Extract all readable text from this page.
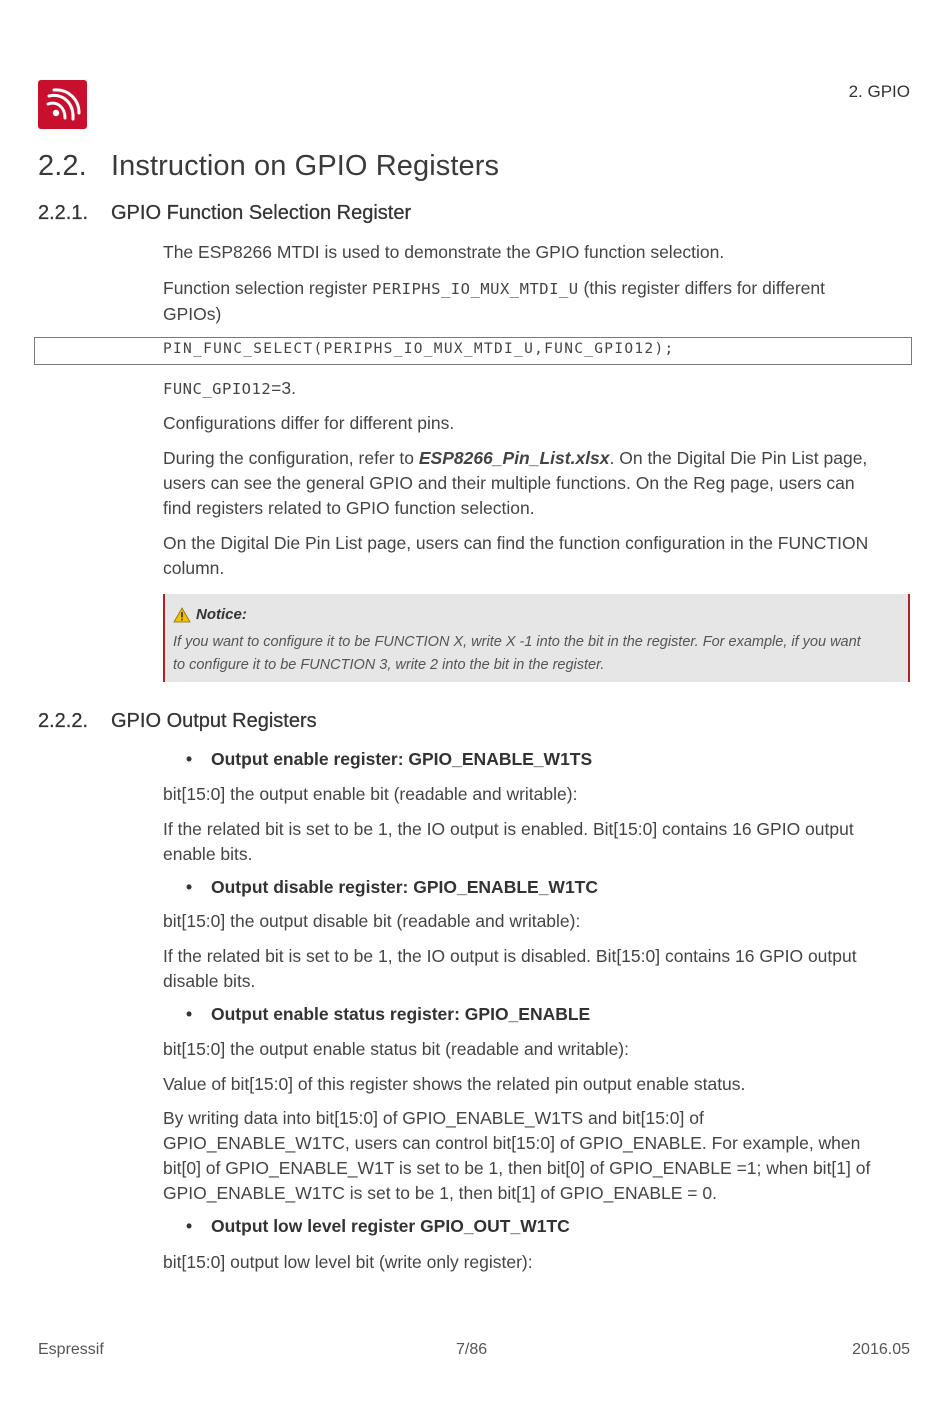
2. GPIO
2.2. Instruction on GPIO Registers
2.2.1. GPIO Function Selection Register
The ESP8266 MTDI is used to demonstrate the GPIO function selection.
Function selection register PERIPHS_IO_MUX_MTDI_U (this register differs for different
GPIOs)
PIN_FUNC_SELECT(PERIPHS_IO_MUX_MTDI_U,FUNC_GPIO12);
FUNC_GPIO12=3.
Configurations differ for different pins.
During the configuration, refer to ESP8266_Pin_List.xlsx. On the Digital Die Pin List page,
users can see the general GPIO and their multiple functions. On the Reg page, users can
find registers related to GPIO function selection.
On the Digital Die Pin List page, users can find the function configuration in the FUNCTION
column.
Notice:
If you want to configure it to be FUNCTION X, write X -1 into the bit in the register. For example, if you want
to configure it to be FUNCTION 3, write 2 into the bit in the register.
2.2.2. GPIO Output Registers
• Output enable register: GPIO_ENABLE_W1TS
bit[15:0] the output enable bit (readable and writable):
If the related bit is set to be 1, the IO output is enabled. Bit[15:0] contains 16 GPIO output
enable bits.
• Output disable register: GPIO_ENABLE_W1TC
bit[15:0] the output disable bit (readable and writable):
If the related bit is set to be 1, the IO output is disabled. Bit[15:0] contains 16 GPIO output
disable bits.
• Output enable status register: GPIO_ENABLE
bit[15:0] the output enable status bit (readable and writable):
Value of bit[15:0] of this register shows the related pin output enable status.
By writing data into bit[15:0] of GPIO_ENABLE_W1TS and bit[15:0] of
GPIO_ENABLE_W1TC, users can control bit[15:0] of GPIO_ENABLE. For example, when
bit[0] of GPIO_ENABLE_W1T is set to be 1, then bit[0] of GPIO_ENABLE =1; when bit[1] of
GPIO_ENABLE_W1TC is set to be 1, then bit[1] of GPIO_ENABLE = 0.
• Output low level register GPIO_OUT_W1TC
bit[15:0] output low level bit (write only register):
Espressif	7/86	2016.05
